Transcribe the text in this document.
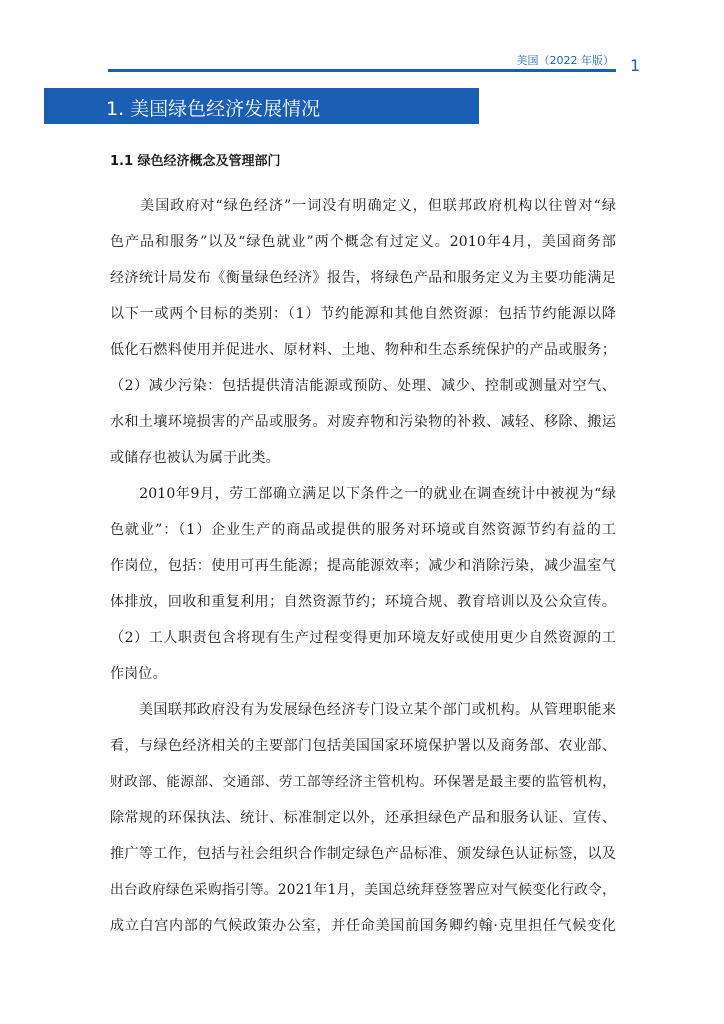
美国（2022 年版） 1
1. 美国绿色经济发展情况
1.1 绿色经济概念及管理部门
　　美国政府对“绿色经济”一词没有明确定义，但联邦政府机构以往曾对“绿
色产品和服务”以及“绿色就业”两个概念有过定义。2010年4月，美国商务部
经济统计局发布《衡量绿色经济》报告，将绿色产品和服务定义为主要功能满足
以下一或两个目标的类别：（1）节约能源和其他自然资源：包括节约能源以降
低化石燃料使用并促进水、原材料、土地、物种和生态系统保护的产品或服务；
（2）减少污染：包括提供清洁能源或预防、处理、减少、控制或测量对空气、
水和土壤环境损害的产品或服务。对废弃物和污染物的补救、减轻、移除、搬运
或储存也被认为属于此类。
　　2010年9月，劳工部确立满足以下条件之一的就业在调查统计中被视为“绿
色就业”：（1）企业生产的商品或提供的服务对环境或自然资源节约有益的工
作岗位，包括：使用可再生能源；提高能源效率；减少和消除污染，减少温室气
体排放，回收和重复利用；自然资源节约；环境合规、教育培训以及公众宣传。
（2）工人职责包含将现有生产过程变得更加环境友好或使用更少自然资源的工
作岗位。
　　美国联邦政府没有为发展绿色经济专门设立某个部门或机构。从管理职能来
看，与绿色经济相关的主要部门包括美国国家环境保护署以及商务部、农业部、
财政部、能源部、交通部、劳工部等经济主管机构。环保署是最主要的监管机构，
除常规的环保执法、统计、标准制定以外，还承担绿色产品和服务认证、宣传、
推广等工作，包括与社会组织合作制定绿色产品标准、颁发绿色认证标签，以及
出台政府绿色采购指引等。2021年1月，美国总统拜登签署应对气候变化行政令，
成立白宫内部的气候政策办公室，并任命美国前国务卿约翰·克里担任气候变化
